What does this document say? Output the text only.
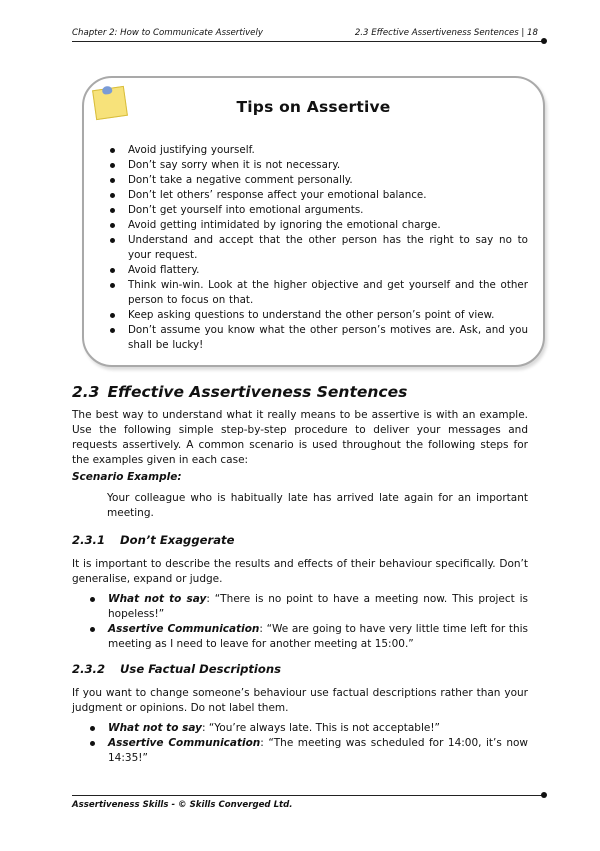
Chapter 2: How to Communicate Assertively	2.3 Effective Assertiveness Sentences | 18
Tips on Assertive
Avoid justifying yourself.
Don’t say sorry when it is not necessary.
Don’t take a negative comment personally.
Don’t let others’ response affect your emotional balance.
Don’t get yourself into emotional arguments.
Avoid getting intimidated by ignoring the emotional charge.
Understand and accept that the other person has the right to say no to your request.
Avoid flattery.
Think win-win. Look at the higher objective and get yourself and the other person to focus on that.
Keep asking questions to understand the other person’s point of view.
Don’t assume you know what the other person’s motives are. Ask, and you shall be lucky!
2.3 Effective Assertiveness Sentences

The best way to understand what it really means to be assertive is with an example. Use the following simple step-by-step procedure to deliver your messages and requests assertively. A common scenario is used throughout the following steps for the examples given in each case:

Scenario Example:

Your colleague who is habitually late has arrived late again for an important meeting.

2.3.1 Don’t Exaggerate

It is important to describe the results and effects of their behaviour specifically. Don’t generalise, expand or judge.

What not to say: “There is no point to have a meeting now. This project is hopeless!”
Assertive Communication: “We are going to have very little time left for this meeting as I need to leave for another meeting at 15:00.”
2.3.2 Use Factual Descriptions

If you want to change someone’s behaviour use factual descriptions rather than your judgment or opinions. Do not label them.

What not to say: “You’re always late. This is not acceptable!”
Assertive Communication: “The meeting was scheduled for 14:00, it’s now 14:35!”
Assertiveness Skills - © Skills Converged Ltd.
